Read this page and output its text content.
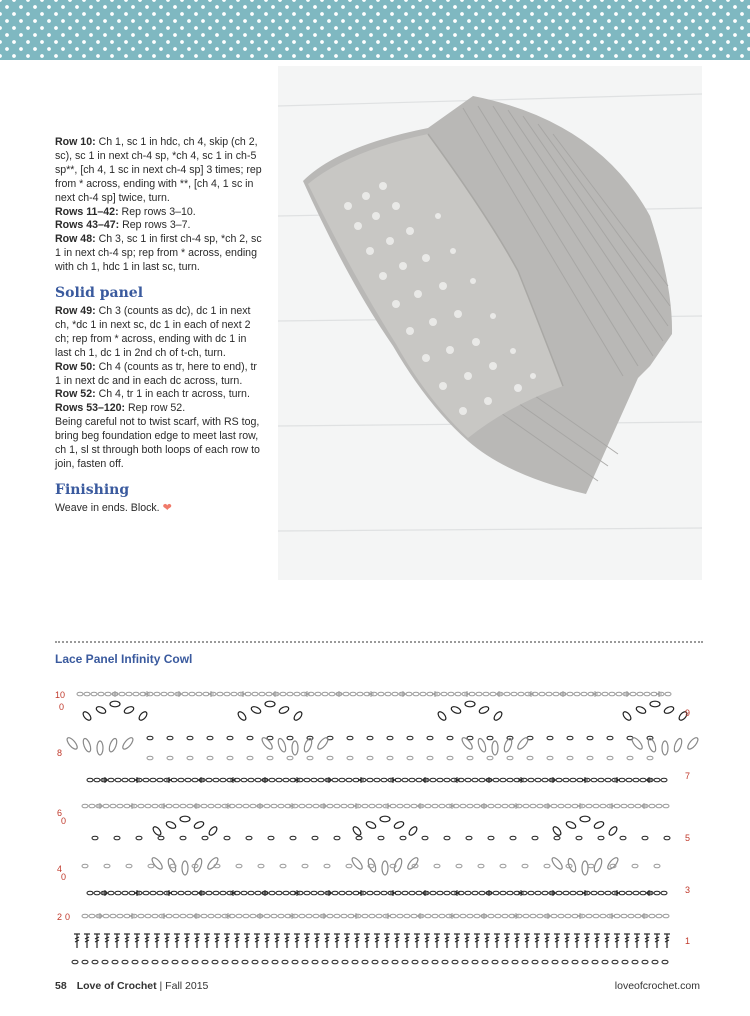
Row 10: Ch 1, sc 1 in hdc, ch 4, skip (ch 2, sc), sc 1 in next ch-4 sp, *ch 4, sc 1 in ch-5 sp**, [ch 4, 1 sc in next ch-4 sp] 3 times; rep from * across, ending with **, [ch 4, 1 sc in next ch-4 sp] twice, turn.

Rows 11–42: Rep rows 3–10.

Rows 43–47: Rep rows 3–7.

Row 48: Ch 3, sc 1 in first ch-4 sp, *ch 2, sc 1 in next ch-4 sp; rep from * across, ending with ch 1, hdc 1 in last sc, turn.

Solid panel

Row 49: Ch 3 (counts as dc), dc 1 in next ch, *dc 1 in next sc, dc 1 in each of next 2 ch; rep from * across, ending with dc 1 in last ch 1, dc 1 in 2nd ch of t-ch, turn.

Row 50: Ch 4 (counts as tr, here to end), tr 1 in next dc and in each dc across, turn.

Row 52: Ch 4, tr 1 in each tr across, turn.

Rows 53–120: Rep row 52.

Being careful not to twist scarf, with RS tog, bring beg foundation edge to meet last row, ch 1, sl st through both loops of each row to join, fasten off.

Finishing

Weave in ends. Block. ❤

Lace Panel Infinity Cowl
10
0
8
6
0
4
0
2 0
9
7
5
3
1
58 Love of Crochet | Fall 2015	loveofcrochet.com
